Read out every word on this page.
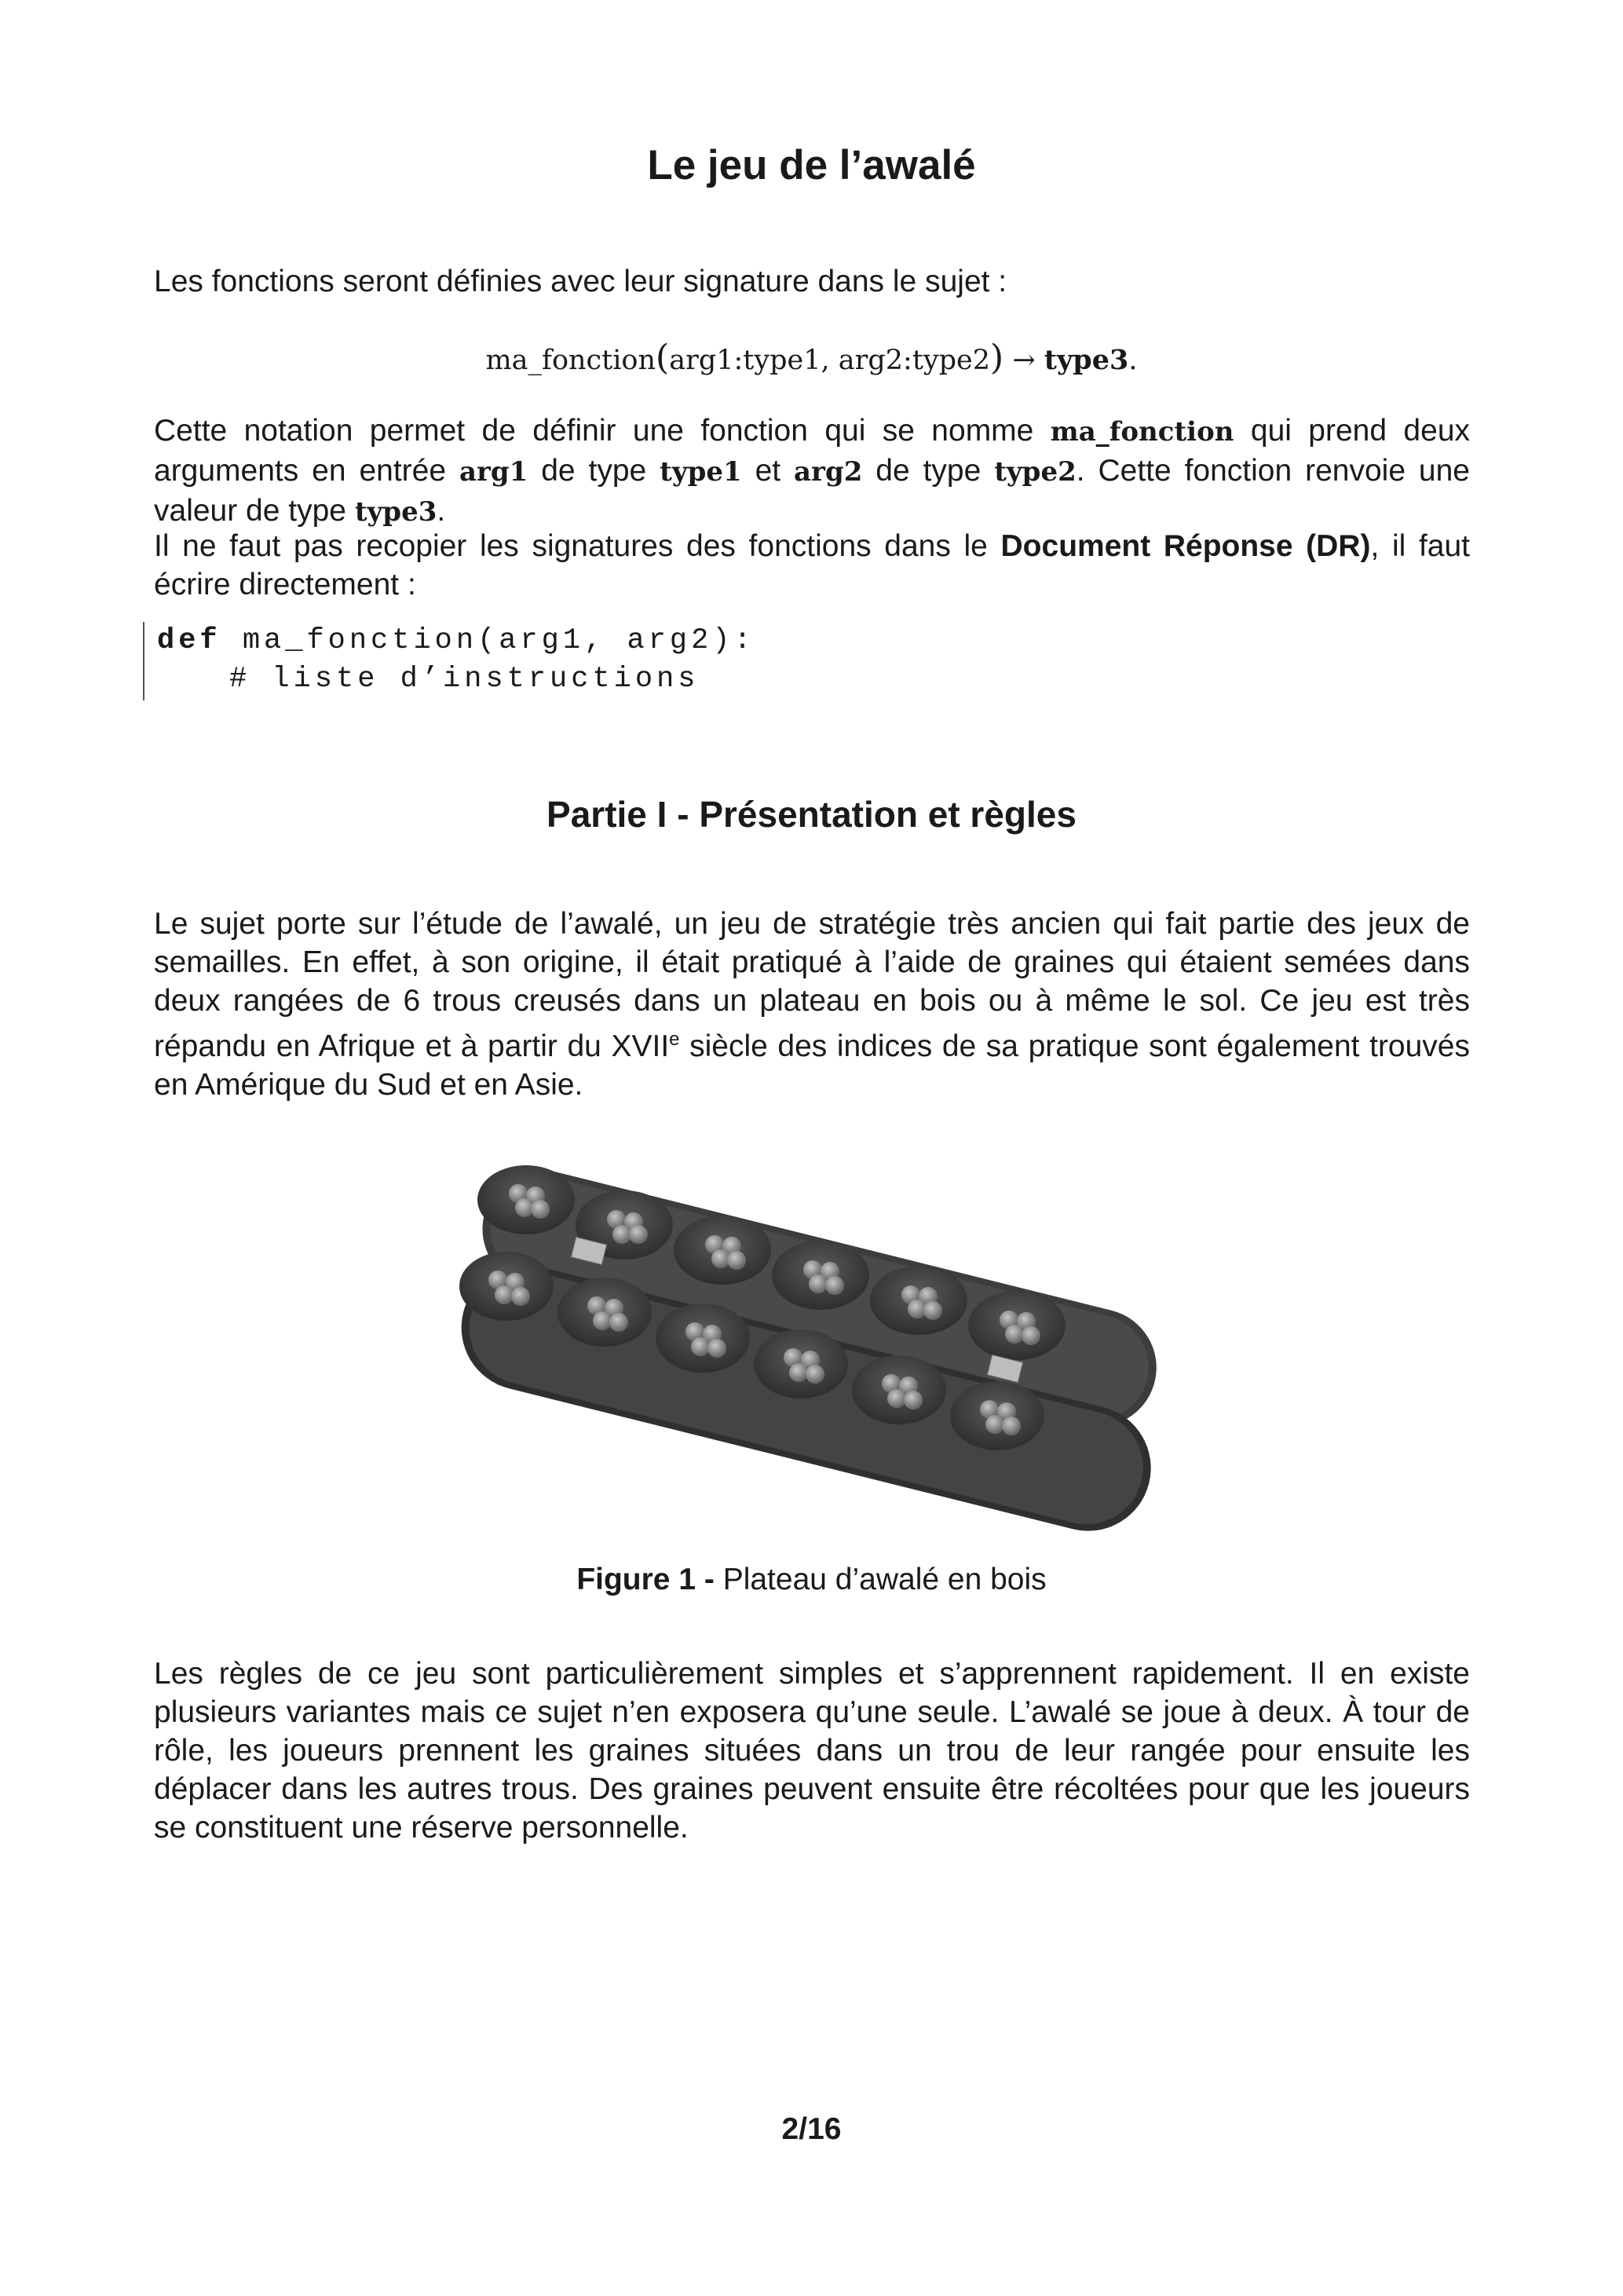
Le jeu de l’awalé
Les fonctions seront définies avec leur signature dans le sujet :
ma_fonction(arg1:type1, arg2:type2) → type3.
Cette notation permet de définir une fonction qui se nomme ma_fonction qui prend deux arguments en entrée arg1 de type type1 et arg2 de type type2. Cette fonction renvoie une valeur de type type3.
Il ne faut pas recopier les signatures des fonctions dans le Document Réponse (DR), il faut écrire directement :
def ma_fonction(arg1, arg2):
# liste d’instructions
Partie I - Présentation et règles
Le sujet porte sur l’étude de l’awalé, un jeu de stratégie très ancien qui fait partie des jeux de semailles. En effet, à son origine, il était pratiqué à l’aide de graines qui étaient semées dans deux rangées de 6 trous creusés dans un plateau en bois ou à même le sol. Ce jeu est très répandu en Afrique et à partir du XVIIe siècle des indices de sa pratique sont également trouvés en Amérique du Sud et en Asie.
Figure 1 - Plateau d’awalé en bois
Les règles de ce jeu sont particulièrement simples et s’apprennent rapidement. Il en existe plusieurs variantes mais ce sujet n’en exposera qu’une seule. L’awalé se joue à deux. À tour de rôle, les joueurs prennent les graines situées dans un trou de leur rangée pour ensuite les déplacer dans les autres trous. Des graines peuvent ensuite être récoltées pour que les joueurs se constituent une réserve personnelle.
2/16
